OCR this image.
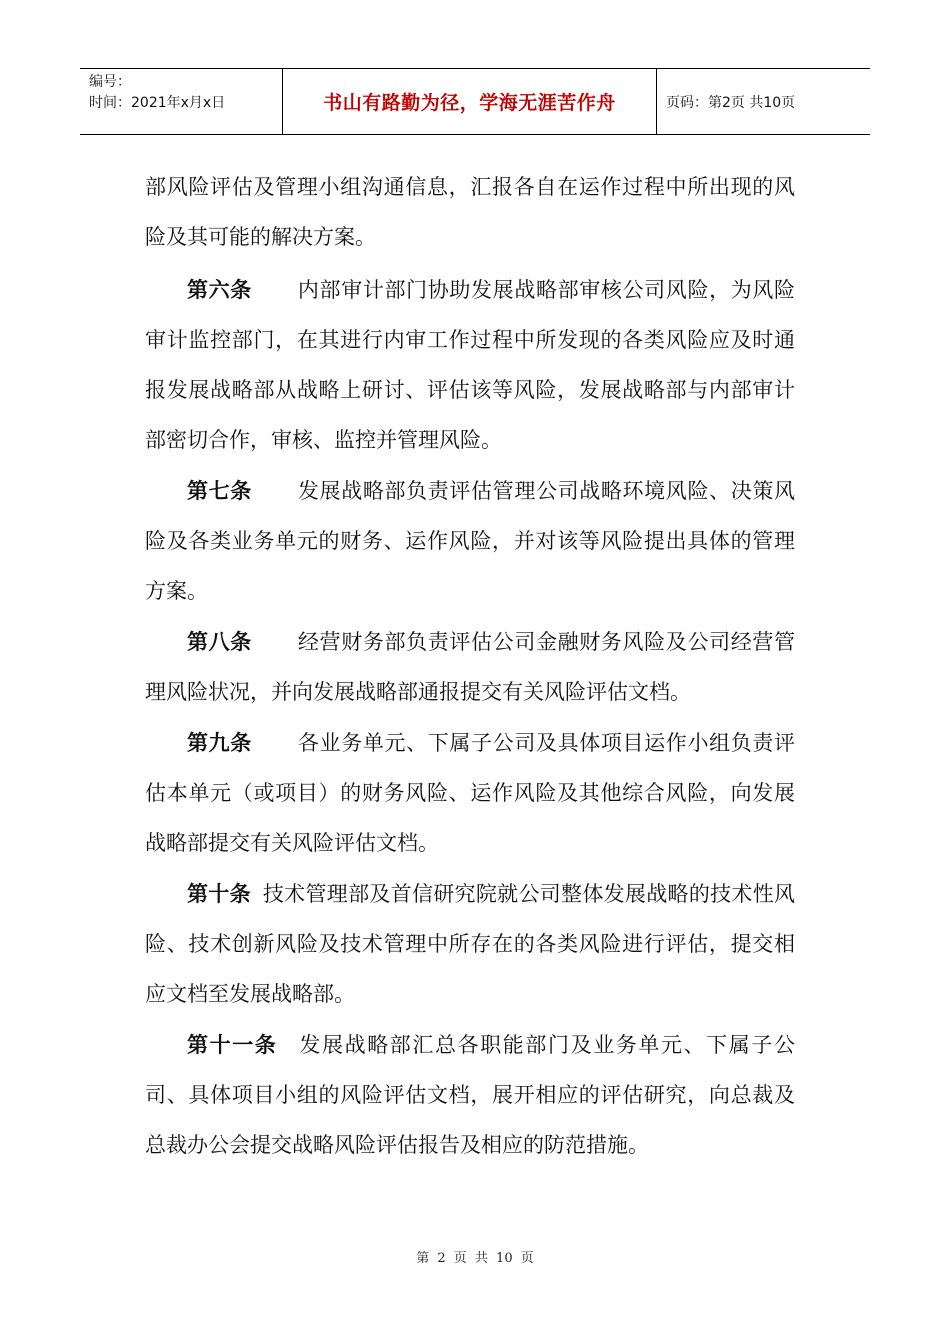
编号：
时间：2021年x月x日	书山有路勤为径，学海无涯苦作舟	页码：第2页 共10页

部风险评估及管理小组沟通信息，汇报各自在运作过程中所出现的风险及其可能的解决方案。

第六条 内部审计部门协助发展战略部审核公司风险，为风险审计监控部门，在其进行内审工作过程中所发现的各类风险应及时通报发展战略部从战略上研讨、评估该等风险，发展战略部与内部审计部密切合作，审核、监控并管理风险。

第七条 发展战略部负责评估管理公司战略环境风险、决策风险及各类业务单元的财务、运作风险，并对该等风险提出具体的管理方案。

第八条 经营财务部负责评估公司金融财务风险及公司经营管理风险状况，并向发展战略部通报提交有关风险评估文档。

第九条 各业务单元、下属子公司及具体项目运作小组负责评估本单元（或项目）的财务风险、运作风险及其他综合风险，向发展战略部提交有关风险评估文档。

第十条 技术管理部及首信研究院就公司整体发展战略的技术性风险、技术创新风险及技术管理中所存在的各类风险进行评估，提交相应文档至发展战略部。

第十一条 发展战略部汇总各职能部门及业务单元、下属子公司、具体项目小组的风险评估文档，展开相应的评估研究，向总裁及总裁办公会提交战略风险评估报告及相应的防范措施。

第 2 页 共 10 页
